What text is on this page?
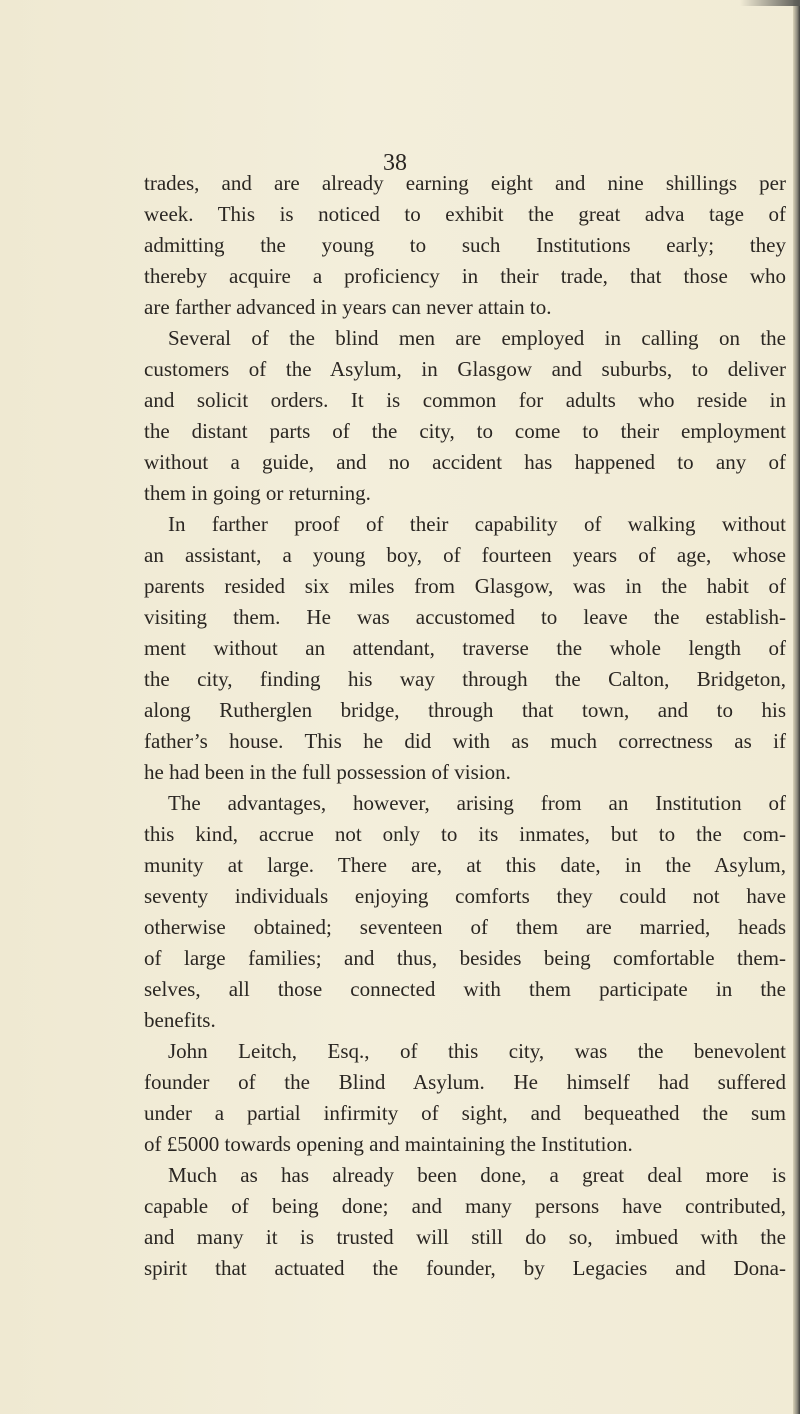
38
trades, and are already earning eight and nine shillings per
week. This is noticed to exhibit the great adva tage of
admitting the young to such Institutions early; they
thereby acquire a proficiency in their trade, that those who
are farther advanced in years can never attain to.
Several of the blind men are employed in calling on the
customers of the Asylum, in Glasgow and suburbs, to deliver
and solicit orders. It is common for adults who reside in
the distant parts of the city, to come to their employment
without a guide, and no accident has happened to any of
them in going or returning.
In farther proof of their capability of walking without
an assistant, a young boy, of fourteen years of age, whose
parents resided six miles from Glasgow, was in the habit of
visiting them. He was accustomed to leave the establish-
ment without an attendant, traverse the whole length of
the city, finding his way through the Calton, Bridgeton,
along Rutherglen bridge, through that town, and to his
father’s house. This he did with as much correctness as if
he had been in the full possession of vision.
The advantages, however, arising from an Institution of
this kind, accrue not only to its inmates, but to the com-
munity at large. There are, at this date, in the Asylum,
seventy individuals enjoying comforts they could not have
otherwise obtained; seventeen of them are married, heads
of large families; and thus, besides being comfortable them-
selves, all those connected with them participate in the
benefits.
John Leitch, Esq., of this city, was the benevolent
founder of the Blind Asylum. He himself had suffered
under a partial infirmity of sight, and bequeathed the sum
of £5000 towards opening and maintaining the Institution.
Much as has already been done, a great deal more is
capable of being done; and many persons have contributed,
and many it is trusted will still do so, imbued with the
spirit that actuated the founder, by Legacies and Dona-
